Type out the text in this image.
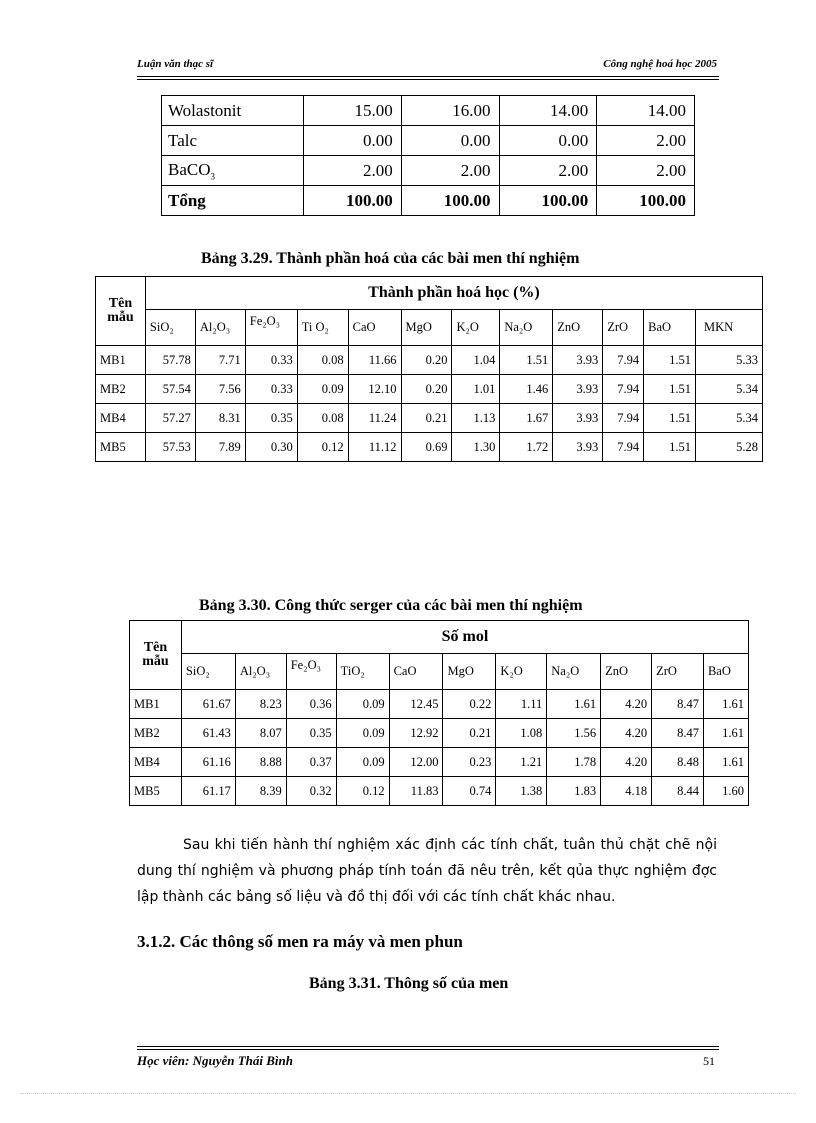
Luận văn thạc sĩ	Công nghệ hoá học 2005
Wolastonit	15.00	16.00	14.00	14.00
Talc	0.00	0.00	0.00	2.00
BaCO$_3$	2.00	2.00	2.00	2.00
Tổng	100.00	100.00	100.00	100.00
Bảng 3.29. Thành phần hoá của các bài men thí nghiệm
Tên
mẫu	Thành phần hoá học (%)											
	SiO₂	Al₂O₃	Fe₂O₃	Ti O₂	CaO	MgO	K₂O	Na₂O	ZnO	ZrO	BaO	MKN
MB1	57.78	7.71	0.33	0.08	11.66	0.20	1.04	1.51	3.93	7.94	1.51	5.33
MB2	57.54	7.56	0.33	0.09	12.10	0.20	1.01	1.46	3.93	7.94	1.51	5.34
MB4	57.27	8.31	0.35	0.08	11.24	0.21	1.13	1.67	3.93	7.94	1.51	5.34
MB5	57.53	7.89	0.30	0.12	11.12	0.69	1.30	1.72	3.93	7.94	1.51	5.28
Bảng 3.30. Công thức serger của các bài men thí nghiệm
Tên
mẫu	Số mol										
	SiO₂	Al₂O₃	Fe₂O₃	TiO₂	CaO	MgO	K₂O	Na₂O	ZnO	ZrO	BaO
MB1	61.67	8.23	0.36	0.09	12.45	0.22	1.11	1.61	4.20	8.47	1.61
MB2	61.43	8.07	0.35	0.09	12.92	0.21	1.08	1.56	4.20	8.47	1.61
MB4	61.16	8.88	0.37	0.09	12.00	0.23	1.21	1.78	4.20	8.48	1.61
MB5	61.17	8.39	0.32	0.12	11.83	0.74	1.38	1.83	4.18	8.44	1.60

Sau khi tiến hành thí nghiệm xác định các tính chất, tuân thủ chặt chẽ nội dung thí nghiệm và phương pháp tính toán đã nêu trên, kết qủa thực nghiệm đợc lập thành các bảng số liệu và đồ thị đối với các tính chất khác nhau.

3.1.2. Các thông số men ra máy và men phun
Bảng 3.31. Thông số của men
Học viên: Nguyễn Thái Bình	51
